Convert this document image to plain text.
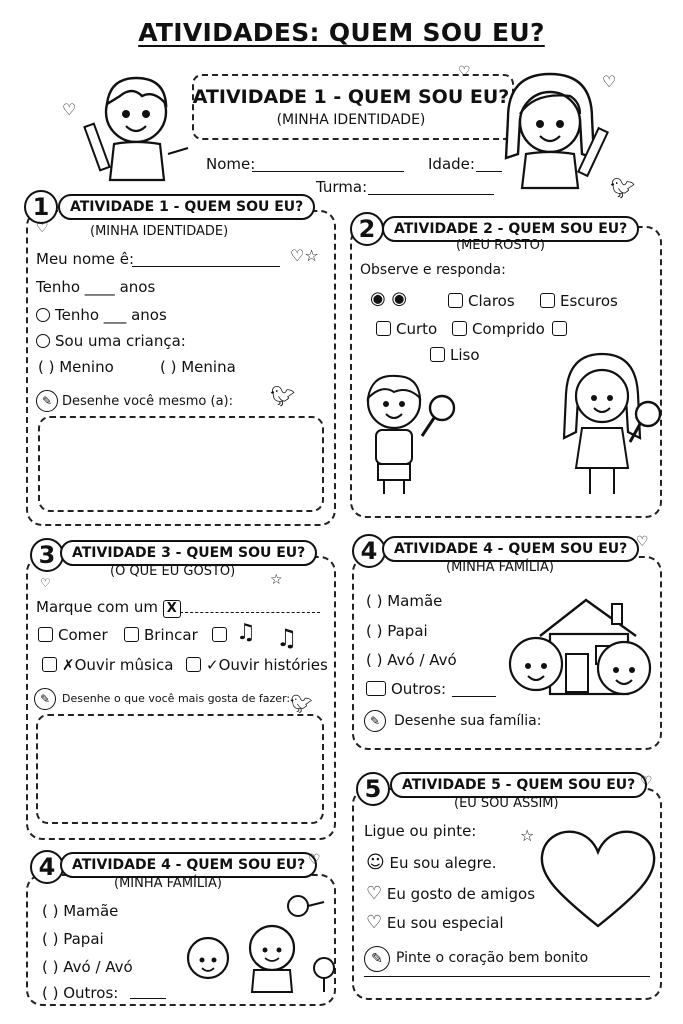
ATIVIDADES: QUEM SOU EU?
ATIVIDADE 1 - QUEM SOU EU?
(MINHA IDENTIDADE)
Nome:	Idade:
Turma:
♡
♡	♡
🐦︎
1	ATIVIDADE 1 - QUEM SOU EU?
(MINHA IDENTIDADE)
♡
Meu nome ê:	♡☆
Tenho ____ anos
Tenho ___ anos
Sou uma criança:
( ) Menino	( ) Menina
✎ Desenhe você mesmo (a): 🐦︎
2	ATIVIDADE 2 - QUEM SOU EU?
(MEU ROSTO)
Observe e responda:
◉ ◉	Claros	Escuros
Curto	Comprido
Liso
3	ATIVIDADE 3 - QUEM SOU EU?
(O QUE EU GOSTO)
♡	☆
Marque com um X
Comer	Brincar ♫ ♫
✗Ouvir mûsica	✓Ouvir históries
✎	Desenhe o que você mais gosta de fazer: 🐦︎
4	ATIVIDADE 4 - QUEM SOU EU?
(MINHA FAMÍLIA)
♡
( ) Mamãe
( ) Papai
( ) Avó / Avó
Outros:
✎ Desenhe sua família:
5	ATIVIDADE 5 - QUEM SOU EU?
(EU SOU ASSIM)
♡
Ligue ou pinte:	☆
☺ Eu sou alegre.
♡ Eu gosto de amigos
♡ Eu sou especial
✎ Pinte o coração bem bonito
4	ATIVIDADE 4 - QUEM SOU EU?
(MINHA FAMÍLIA)
♡
( ) Mamãe
( ) Papai
( ) Avó / Avó
( ) Outros:
